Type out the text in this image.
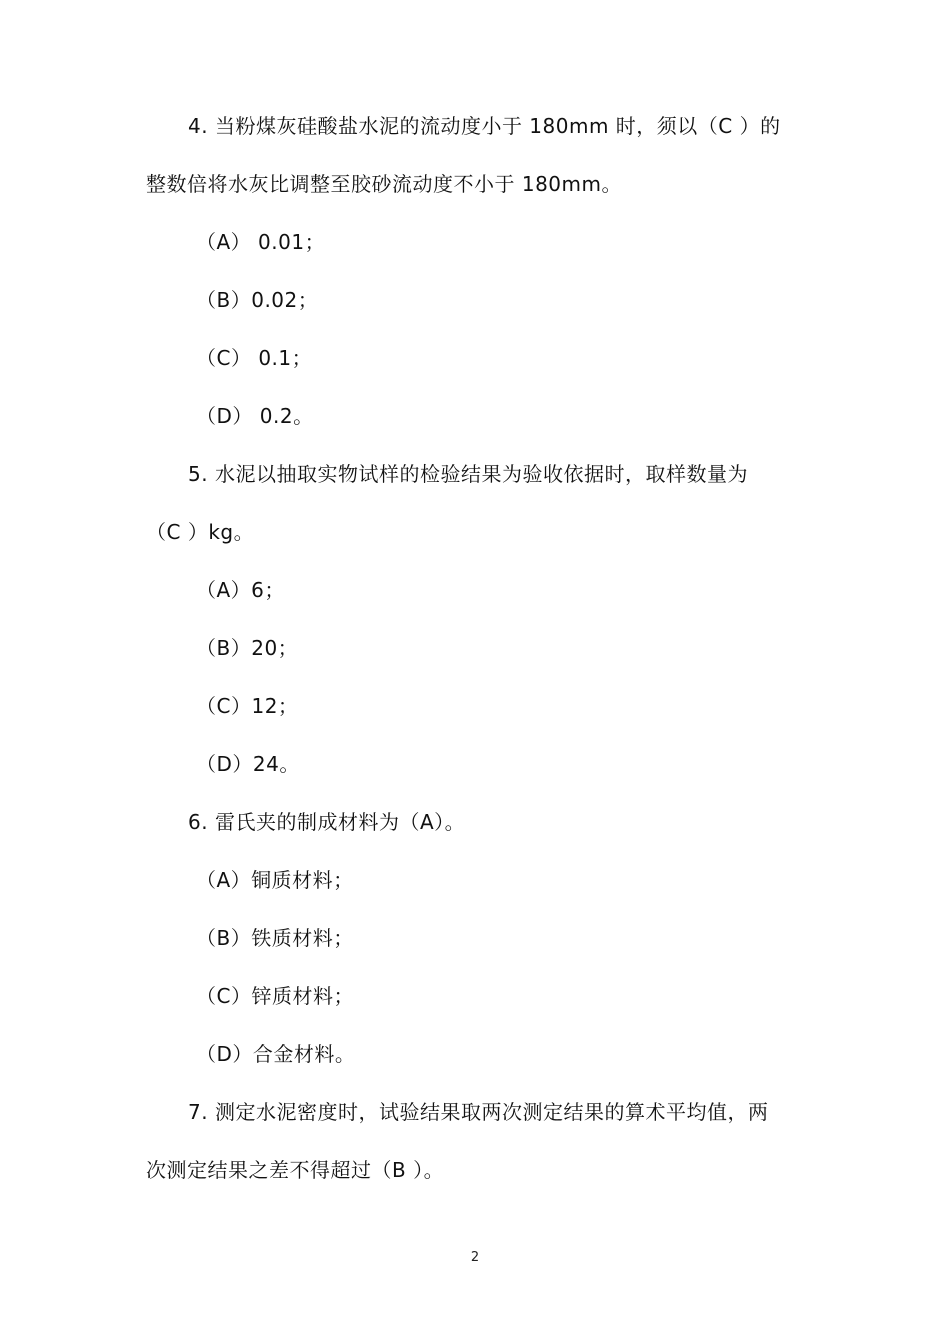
4. 当粉煤灰硅酸盐水泥的流动度小于 180mm 时，须以（C ）的
整数倍将水灰比调整至胶砂流动度不小于 180mm。
（A） 0.01；
（B）0.02；
（C） 0.1；
（D） 0.2。
5. 水泥以抽取实物试样的检验结果为验收依据时，取样数量为
（C ）kg。
（A）6；
（B）20；
（C）12；
（D）24。
6. 雷氏夹的制成材料为（A）。
（A）铜质材料；
（B）铁质材料；
（C）锌质材料；
（D）合金材料。
7. 测定水泥密度时，试验结果取两次测定结果的算术平均值，两
次测定结果之差不得超过（B ）。
2
